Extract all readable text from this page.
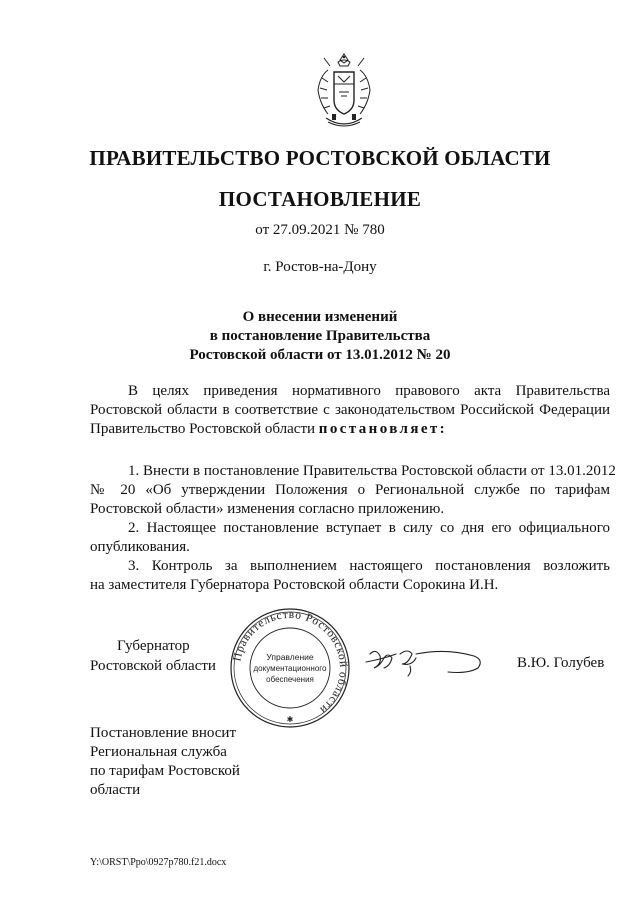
ПРАВИТЕЛЬСТВО РОСТОВСКОЙ ОБЛАСТИ
ПОСТАНОВЛЕНИЕ
от 27.09.2021 № 780
г. Ростов-на-Дону
О внесении изменений
в постановление Правительства
Ростовской области от 13.01.2012 № 20
В целях приведения нормативного правового акта Правительства
Ростовской области в соответствие с законодательством Российской Федерации
Правительство Ростовской области постановляет:
1. Внести в постановление Правительства Ростовской области от 13.01.2012
№ 20 «Об утверждении Положения о Региональной службе по тарифам
Ростовской области» изменения согласно приложению.
2. Настоящее постановление вступает в силу со дня его официального
опубликования.
3. Контроль за выполнением настоящего постановления возложить
на заместителя Губернатора Ростовской области Сорокина И.Н.
Губернатор
Ростовской области
Правительство Ростовской области
Управление
документационного
обеспечения
✱
В.Ю. Голубев
Постановление вносит
Региональная служба
по тарифам Ростовской
области
Y:\ORST\Ppo\0927p780.f21.docx
